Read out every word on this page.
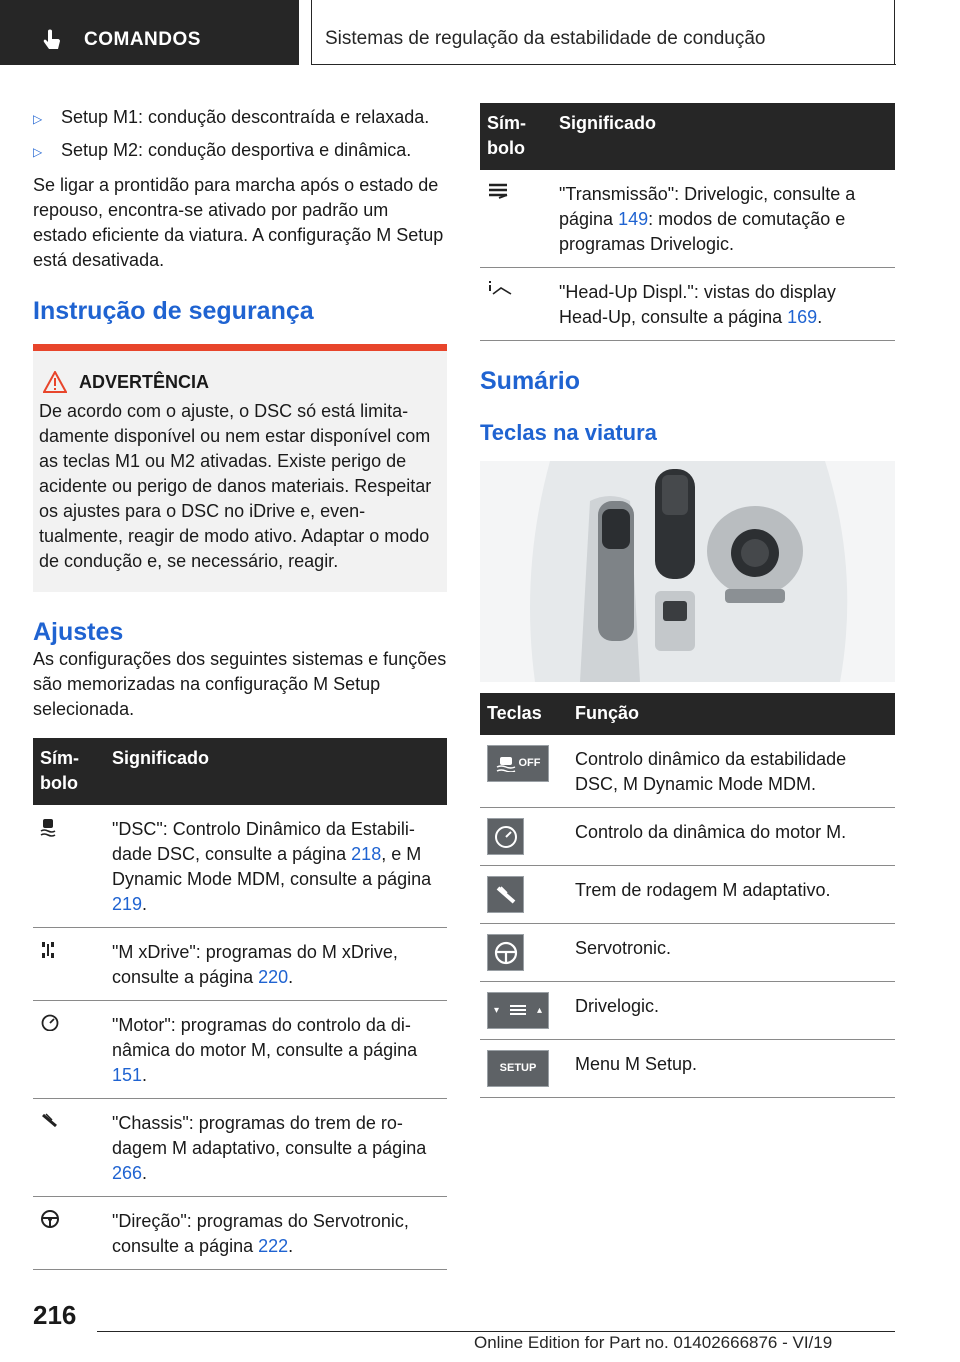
COMANDOS	Sistemas de regulação da estabilidade de condução
▷	Setup M1: condução descontraída e relaxada.
▷	Setup M2: condução desportiva e dinâmica.

Se ligar a prontidão para marcha após o estado de repouso, encontra-se ativado por padrão um estado eficiente da viatura. A configuração M Setup está desativada.

Instrução de segurança
ADVERTÊNCIA
De acordo com o ajuste, o DSC só está limitadamente disponível ou nem estar disponível com as teclas M1 ou M2 ativadas. Existe perigo de acidente ou perigo de danos materiais. Respeitar os ajustes para o DSC no iDrive e, eventualmente, reagir de modo ativo. Adaptar o modo de condução e, se necessário, reagir.
Ajustes

As configurações dos seguintes sistemas e funções são memorizadas na configuração M Setup selecionada.

Sím-
bolo	Significado
	"DSC": Controlo Dinâmico da Estabilidade DSC, consulte a página 218, e M Dynamic Mode MDM, consulte a página 219.
	"M xDrive": programas do M xDrive, consulte a página 220.
	"Motor": programas do controlo da dinâmica do motor M, consulte a página 151.
	"Chassis": programas do trem de rodagem M adaptativo, consulte a página 266.
	"Direção": programas do Servotronic, consulte a página 222.
Sím-
bolo	Significado
	"Transmissão": Drivelogic, consulte a página 149: modos de comutação e programas Drivelogic.
	"Head-Up Displ.": vistas do display Head-Up, consulte a página 169.
Sumário
Teclas na viatura
Teclas	Função

OFF	Controlo dinâmico da estabilidade DSC, M Dynamic Mode MDM.

	Controlo da dinâmica do motor M.

	Trem de rodagem M adaptativo.

	Servotronic.

▾ ▴	Drivelogic.

SETUP	Menu M Setup.
216
Online Edition for Part no. 01402666876 - VI/19
